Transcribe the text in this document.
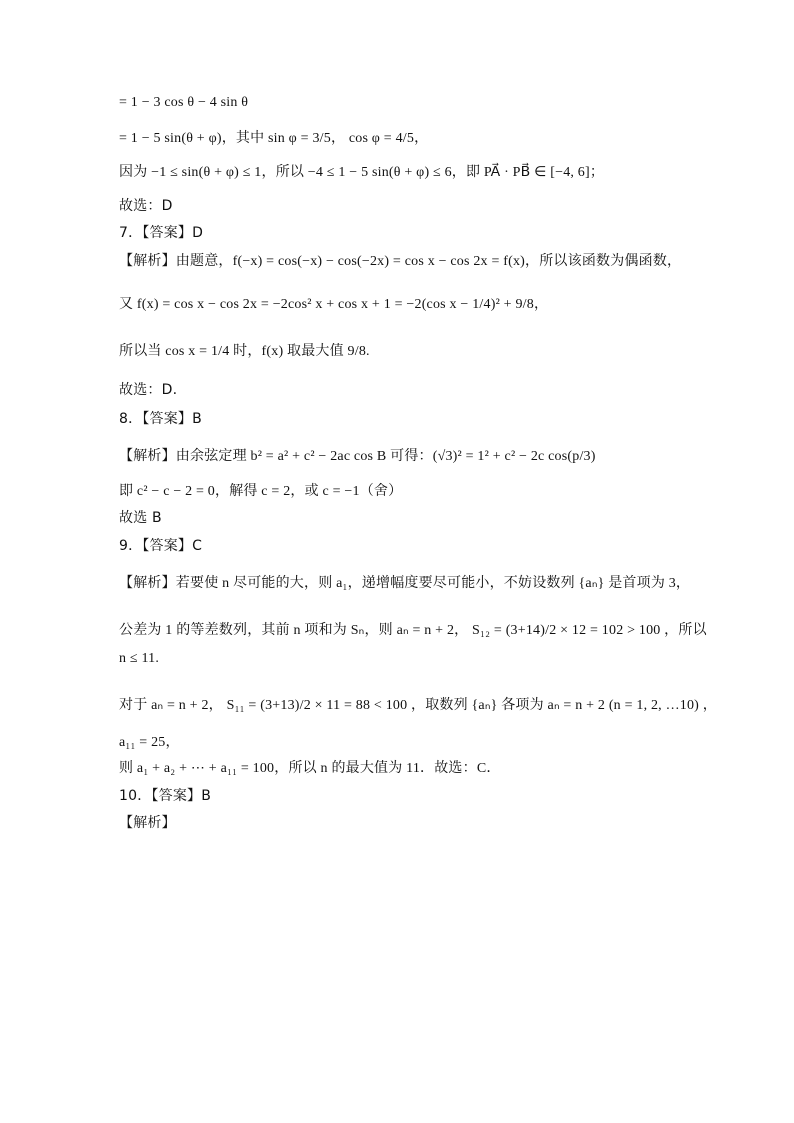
= 1 − 3 cos θ − 4 sin θ
= 1 − 5 sin(θ + φ)，其中 sin φ = 3/5， cos φ = 4/5，
因为 −1 ≤ sin(θ + φ) ≤ 1，所以 −4 ≤ 1 − 5 sin(θ + φ) ≤ 6，即 PA⃗ · PB⃗ ∈ [−4, 6]；
故选：D
7．【答案】D
【解析】由题意，f(−x) = cos(−x) − cos(−2x) = cos x − cos 2x = f(x)，所以该函数为偶函数，
又 f(x) = cos x − cos 2x = −2cos² x + cos x + 1 = −2(cos x − 1/4)² + 9/8，
所以当 cos x = 1/4 时，f(x) 取最大值 9/8.
故选：D.
8．【答案】B
【解析】由余弦定理 b² = a² + c² − 2ac cos B 可得：(√3)² = 1² + c² − 2c cos(p/3)
即 c² − c − 2 = 0，解得 c = 2，或 c = −1（舍）
故选 B
9．【答案】C
【解析】若要使 n 尽可能的大，则 a₁，递增幅度要尽可能小，不妨设数列 {aₙ} 是首项为 3，
公差为 1 的等差数列，其前 n 项和为 Sₙ，则 aₙ = n + 2， S₁₂ = (3+14)/2 × 12 = 102 > 100 ，所以
n ≤ 11.
对于 aₙ = n + 2， S₁₁ = (3+13)/2 × 11 = 88 < 100 ，取数列 {aₙ} 各项为 aₙ = n + 2 (n = 1, 2, …10) ，
a₁₁ = 25，
则 a₁ + a₂ + ⋯ + a₁₁ = 100，所以 n 的最大值为 11．故选：C．
10．【答案】B
【解析】
